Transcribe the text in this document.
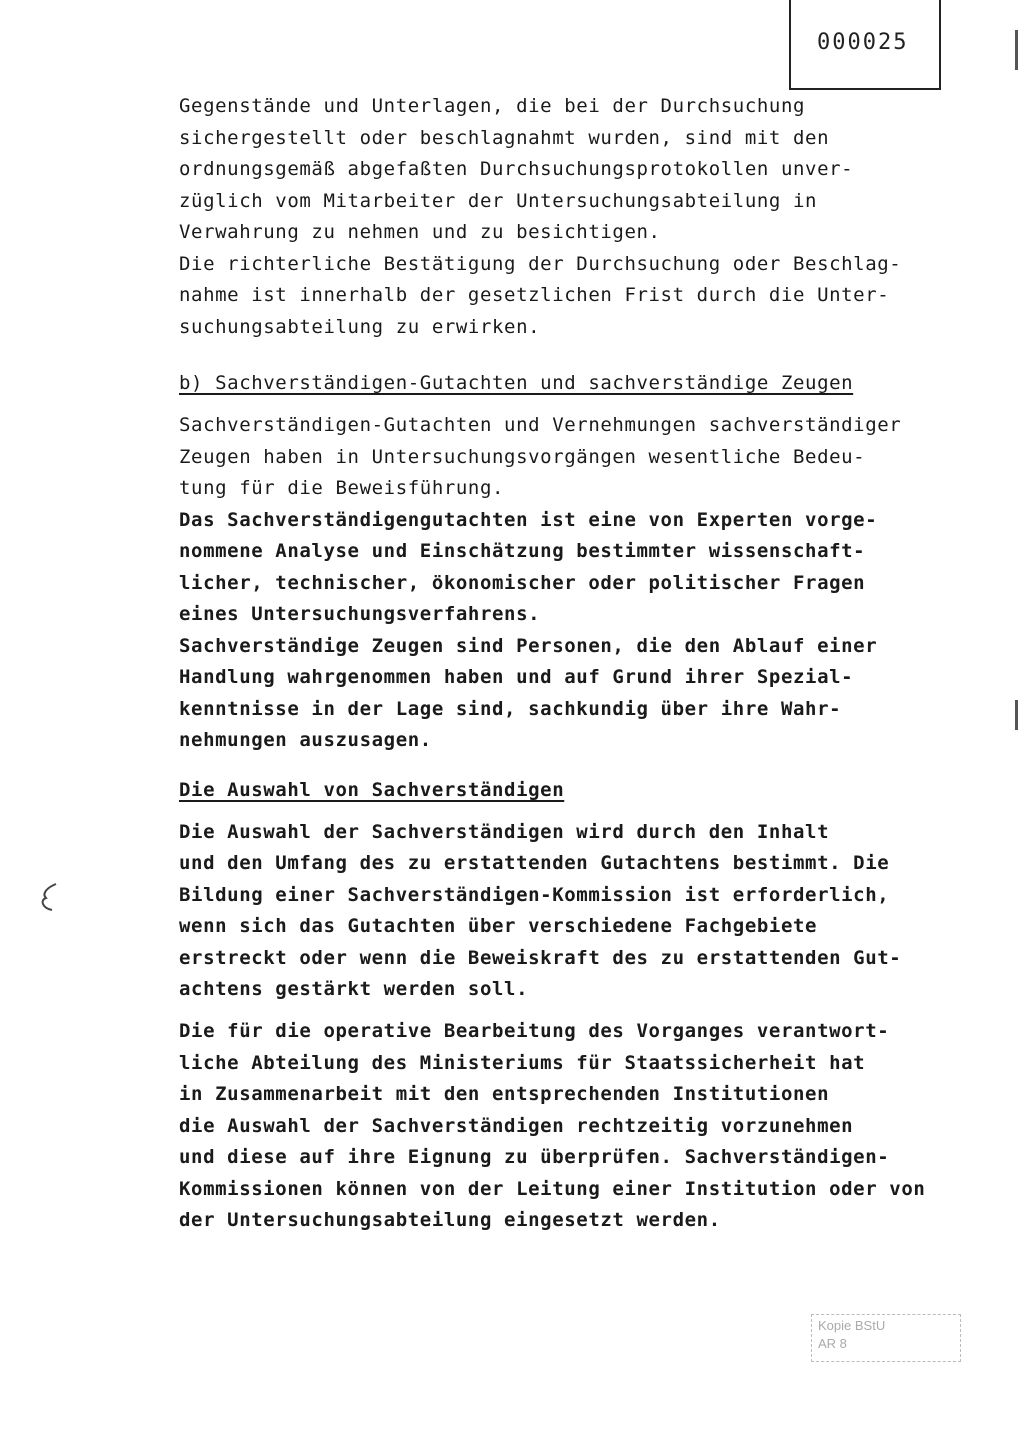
000025
Gegenstände und Unterlagen, die bei der Durchsuchung
sichergestellt oder beschlagnahmt wurden, sind mit den
ordnungsgemäß abgefaßten Durchsuchungsprotokollen unver-
züglich vom Mitarbeiter der Untersuchungsabteilung in
Verwahrung zu nehmen und zu besichtigen.
Die richterliche Bestätigung der Durchsuchung oder Beschlag-
nahme ist innerhalb der gesetzlichen Frist durch die Unter-
suchungsabteilung zu erwirken.
b) Sachverständigen-Gutachten und sachverständige Zeugen
Sachverständigen-Gutachten und Vernehmungen sachverständiger
Zeugen haben in Untersuchungsvorgängen wesentliche Bedeu-
tung für die Beweisführung.
Das Sachverständigengutachten ist eine von Experten vorge-
nommene Analyse und Einschätzung bestimmter wissenschaft-
licher, technischer, ökonomischer oder politischer Fragen
eines Untersuchungsverfahrens.
Sachverständige Zeugen sind Personen, die den Ablauf einer
Handlung wahrgenommen haben und auf Grund ihrer Spezial-
kenntnisse in der Lage sind, sachkundig über ihre Wahr-
nehmungen auszusagen.
Die Auswahl von Sachverständigen
Die Auswahl der Sachverständigen wird durch den Inhalt
und den Umfang des zu erstattenden Gutachtens bestimmt. Die
Bildung einer Sachverständigen-Kommission ist erforderlich,
wenn sich das Gutachten über verschiedene Fachgebiete
erstreckt oder wenn die Beweiskraft des zu erstattenden Gut-
achtens gestärkt werden soll.
Die für die operative Bearbeitung des Vorganges verantwort-
liche Abteilung des Ministeriums für Staatssicherheit hat
in Zusammenarbeit mit den entsprechenden Institutionen
die Auswahl der Sachverständigen rechtzeitig vorzunehmen
und diese auf ihre Eignung zu überprüfen. Sachverständigen-
Kommissionen können von der Leitung einer Institution oder von
der Untersuchungsabteilung eingesetzt werden.
Kopie BStU
AR 8
